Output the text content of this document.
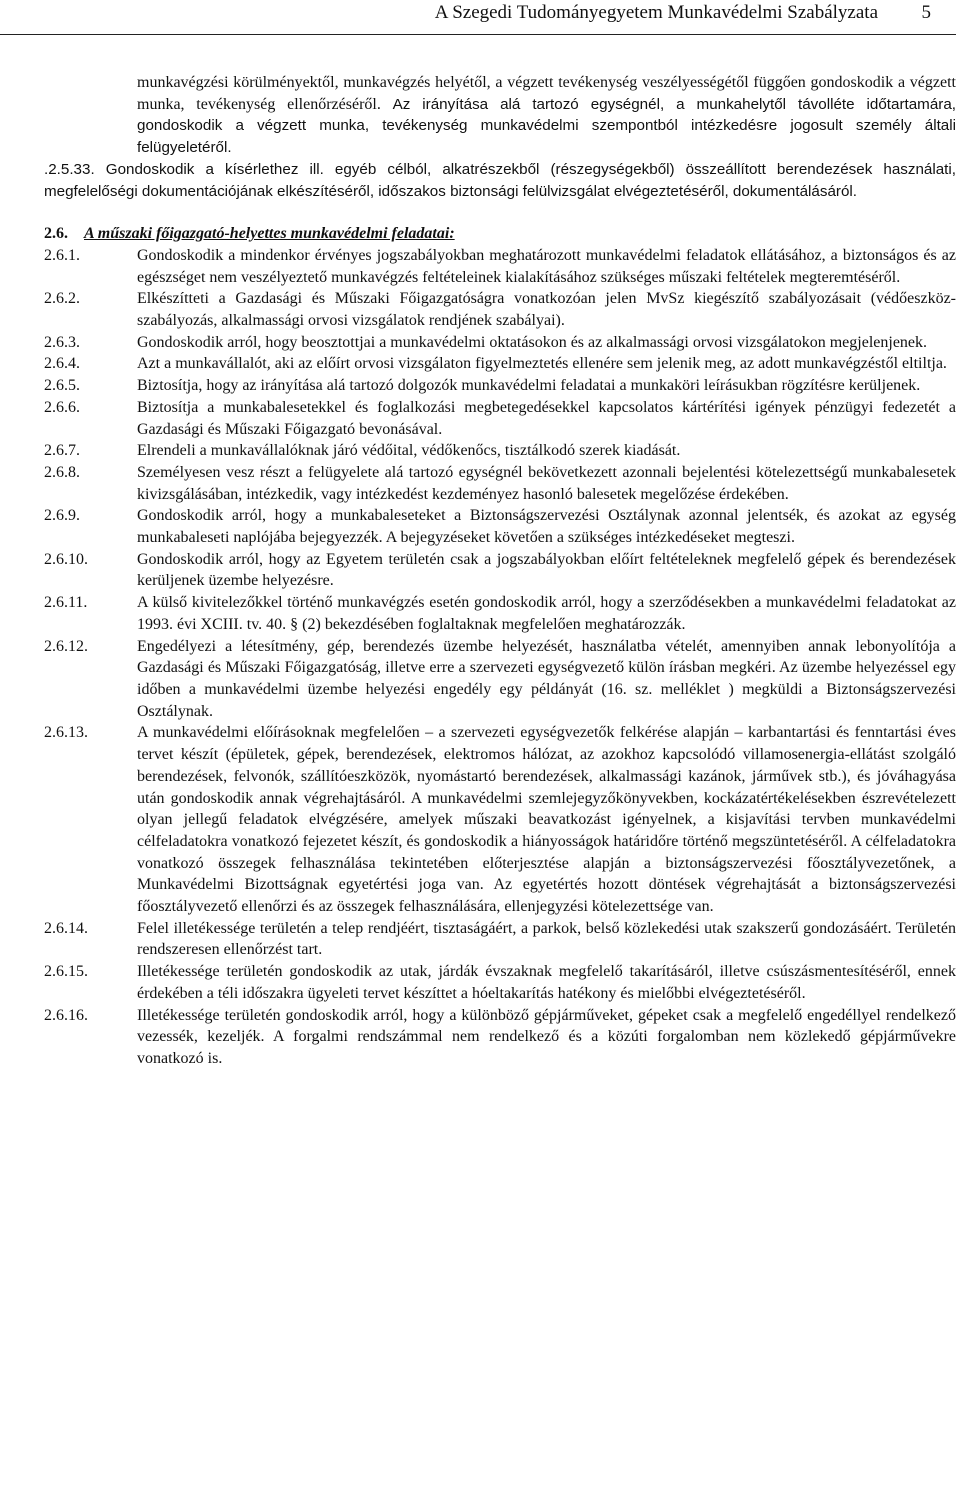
A Szegedi Tudományegyetem Munkavédelmi Szabályzata 5
munkavégzési körülményektől, munkavégzés helyétől, a végzett tevékenység veszélyességétől függően gondoskodik a végzett munka, tevékenység ellenőrzéséről. Az irányítása alá tartozó egységnél, a munkahelytől távolléte időtartamára, gondoskodik a végzett munka, tevékenység munkavédelmi szempontból intézkedésre jogosult személy általi felügyeletéről.
.2.5.33. Gondoskodik a kísérlethez ill. egyéb célból, alkatrészekből (részegységekből) összeállított berendezések használati, megfelelőségi dokumentációjának elkészítéséről, időszakos biztonsági felülvizsgálat elvégeztetéséről, dokumentálásáról.
2.6. A műszaki főigazgató-helyettes munkavédelmi feladatai:
2.6.1.	Gondoskodik a mindenkor érvényes jogszabályokban meghatározott munkavédelmi feladatok ellátásához, a biztonságos és az egészséget nem veszélyeztető munkavégzés feltételeinek kialakításához szükséges műszaki feltételek megteremtéséről.
2.6.2.	Elkészítteti a Gazdasági és Műszaki Főigazgatóságra vonatkozóan jelen MvSz kiegészítő szabályozásait (védőeszköz-szabályozás, alkalmassági orvosi vizsgálatok rendjének szabályai).
2.6.3.	Gondoskodik arról, hogy beosztottjai a munkavédelmi oktatásokon és az alkalmassági orvosi vizsgálatokon megjelenjenek.
2.6.4.	Azt a munkavállalót, aki az előírt orvosi vizsgálaton figyelmeztetés ellenére sem jelenik meg, az adott munkavégzéstől eltiltja.
2.6.5.	Biztosítja, hogy az irányítása alá tartozó dolgozók munkavédelmi feladatai a munkaköri leírásukban rögzítésre kerüljenek.
2.6.6.	Biztosítja a munkabalesetekkel és foglalkozási megbetegedésekkel kapcsolatos kártérítési igények pénzügyi fedezetét a Gazdasági és Műszaki Főigazgató bevonásával.
2.6.7.	Elrendeli a munkavállalóknak járó védőital, védőkenőcs, tisztálkodó szerek kiadását.
2.6.8.	Személyesen vesz részt a felügyelete alá tartozó egységnél bekövetkezett azonnali bejelentési kötelezettségű munkabalesetek kivizsgálásában, intézkedik, vagy intézkedést kezdeményez hasonló balesetek megelőzése érdekében.
2.6.9.	Gondoskodik arról, hogy a munkabaleseteket a Biztonságszervezési Osztálynak azonnal jelentsék, és azokat az egység munkabaleseti naplójába bejegyezzék. A bejegyzéseket követően a szükséges intézkedéseket megteszi.
2.6.10.	Gondoskodik arról, hogy az Egyetem területén csak a jogszabályokban előírt feltételeknek megfelelő gépek és berendezések kerüljenek üzembe helyezésre.
2.6.11.	A külső kivitelezőkkel történő munkavégzés esetén gondoskodik arról, hogy a szerződésekben a munkavédelmi feladatokat az 1993. évi XCIII. tv. 40. § (2) bekezdésében foglaltaknak megfelelően meghatározzák.
2.6.12.	Engedélyezi a létesítmény, gép, berendezés üzembe helyezését, használatba vételét, amennyiben annak lebonyolítója a Gazdasági és Műszaki Főigazgatóság, illetve erre a szervezeti egységvezető külön írásban megkéri. Az üzembe helyezéssel egy időben a munkavédelmi üzembe helyezési engedély egy példányát (16. sz. melléklet ) megküldi a Biztonságszervezési Osztálynak.
2.6.13.	A munkavédelmi előírásoknak megfelelően – a szervezeti egységvezetők felkérése alapján – karbantartási és fenntartási éves tervet készít (épületek, gépek, berendezések, elektromos hálózat, az azokhoz kapcsolódó villamosenergia-ellátást szolgáló berendezések, felvonók, szállítóeszközök, nyomástartó berendezések, alkalmassági kazánok, járművek stb.), és jóváhagyása után gondoskodik annak végrehajtásáról. A munkavédelmi szemlejegyzőkönyvekben, kockázatértékelésekben észrevételezett olyan jellegű feladatok elvégzésére, amelyek műszaki beavatkozást igényelnek, a kisjavítási tervben munkavédelmi célfeladatokra vonatkozó fejezetet készít, és gondoskodik a hiányosságok határidőre történő megszüntetéséről. A célfeladatokra vonatkozó összegek felhasználása tekintetében előterjesztése alapján a biztonságszervezési főosztályvezetőnek, a Munkavédelmi Bizottságnak egyetértési joga van. Az egyetértés hozott döntések végrehajtását a biztonságszervezési főosztályvezető ellenőrzi és az összegek felhasználására, ellenjegyzési kötelezettsége van.
2.6.14.	Felel illetékessége területén a telep rendjéért, tisztaságáért, a parkok, belső közlekedési utak szakszerű gondozásáért. Területén rendszeresen ellenőrzést tart.
2.6.15.	Illetékessége területén gondoskodik az utak, járdák évszaknak megfelelő takarításáról, illetve csúszásmentesítéséről, ennek érdekében a téli időszakra ügyeleti tervet készíttet a hóeltakarítás hatékony és mielőbbi elvégeztetéséről.
2.6.16.	Illetékessége területén gondoskodik arról, hogy a különböző gépjárműveket, gépeket csak a megfelelő engedéllyel rendelkező vezessék, kezeljék. A forgalmi rendszámmal nem rendelkező és a közúti forgalomban nem közlekedő gépjárművekre vonatkozó is.
